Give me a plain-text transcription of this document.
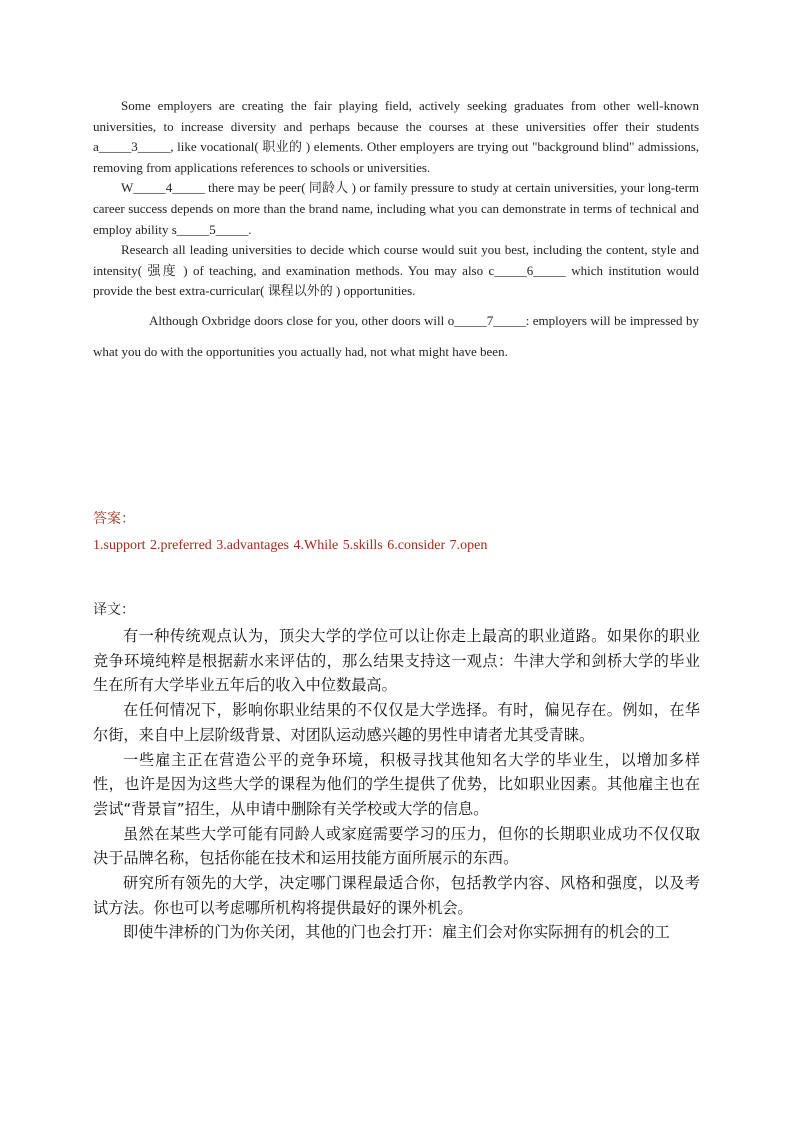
Some employers are creating the fair playing field, actively seeking graduates from other well-known universities, to increase diversity and perhaps because the courses at these universities offer their students a_____3_____, like vocational( 职业的 ) elements. Other employers are trying out "background blind" admissions, removing from applications references to schools or universities.

W_____4_____ there may be peer( 同龄人 ) or family pressure to study at certain universities, your long-term career success depends on more than the brand name, including what you can demonstrate in terms of technical and employ ability s_____5_____.

Research all leading universities to decide which course would suit you best, including the content, style and intensity( 强度 ) of teaching, and examination methods. You may also c_____6_____ which institution would provide the best extra-curricular( 课程以外的 ) opportunities.

Although Oxbridge doors close for you, other doors will o_____7_____: employers will be impressed by what you do with the opportunities you actually had, not what might have been.

答案：
1.support 2.preferred 3.advantages 4.While 5.skills 6.consider 7.open
译文：

有一种传统观点认为，顶尖大学的学位可以让你走上最高的职业道路。如果你的职业竞争环境纯粹是根据薪水来评估的，那么结果支持这一观点：牛津大学和剑桥大学的毕业生在所有大学毕业五年后的收入中位数最高。

在任何情况下，影响你职业结果的不仅仅是大学选择。有时，偏见存在。例如，在华尔街，来自中上层阶级背景、对团队运动感兴趣的男性申请者尤其受青睐。

一些雇主正在营造公平的竞争环境，积极寻找其他知名大学的毕业生，以增加多样性，也许是因为这些大学的课程为他们的学生提供了优势，比如职业因素。其他雇主也在尝试“背景盲”招生，从申请中删除有关学校或大学的信息。

虽然在某些大学可能有同龄人或家庭需要学习的压力，但你的长期职业成功不仅仅取决于品牌名称，包括你能在技术和运用技能方面所展示的东西。

研究所有领先的大学，决定哪门课程最适合你，包括教学内容、风格和强度，以及考试方法。你也可以考虑哪所机构将提供最好的课外机会。

即使牛津桥的门为你关闭，其他的门也会打开：雇主们会对你实际拥有的机会的工
